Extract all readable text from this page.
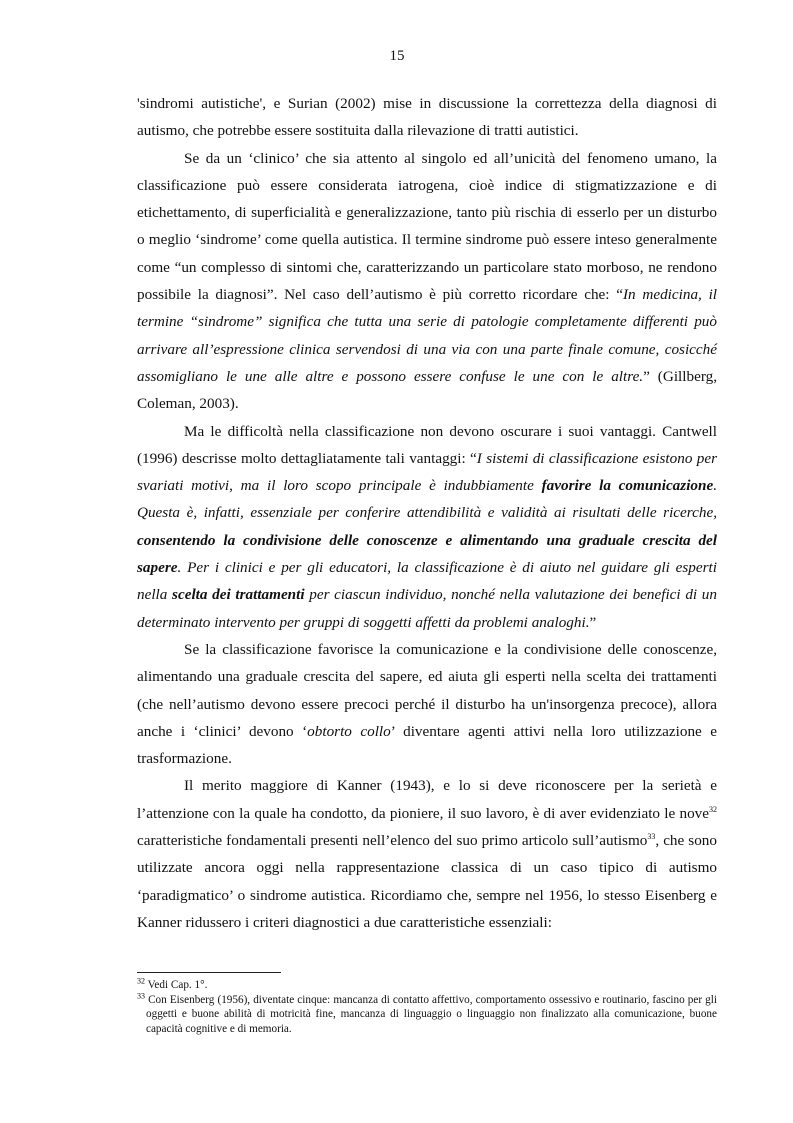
15

'sindromi autistiche', e Surian (2002) mise in discussione la correttezza della diagnosi di autismo, che potrebbe essere sostituita dalla rilevazione di tratti autistici.

Se da un ‘clinico’ che sia attento al singolo ed all’unicità del fenomeno umano, la classificazione può essere considerata iatrogena, cioè indice di stigmatizzazione e di etichettamento, di superficialità e generalizzazione, tanto più rischia di esserlo per un disturbo o meglio ‘sindrome’ come quella autistica. Il termine sindrome può essere inteso generalmente come “un complesso di sintomi che, caratterizzando un particolare stato morboso, ne rendono possibile la diagnosi”. Nel caso dell’autismo è più corretto ricordare che: “In medicina, il termine “sindrome” significa che tutta una serie di patologie completamente differenti può arrivare all’espressione clinica servendosi di una via con una parte finale comune, cosicché assomigliano le une alle altre e possono essere confuse le une con le altre.” (Gillberg, Coleman, 2003).

Ma le difficoltà nella classificazione non devono oscurare i suoi vantaggi. Cantwell (1996) descrisse molto dettagliatamente tali vantaggi: “I sistemi di classificazione esistono per svariati motivi, ma il loro scopo principale è indubbiamente favorire la comunicazione. Questa è, infatti, essenziale per conferire attendibilità e validità ai risultati delle ricerche, consentendo la condivisione delle conoscenze e alimentando una graduale crescita del sapere. Per i clinici e per gli educatori, la classificazione è di aiuto nel guidare gli esperti nella scelta dei trattamenti per ciascun individuo, nonché nella valutazione dei benefici di un determinato intervento per gruppi di soggetti affetti da problemi analoghi.”

Se la classificazione favorisce la comunicazione e la condivisione delle conoscenze, alimentando una graduale crescita del sapere, ed aiuta gli esperti nella scelta dei trattamenti (che nell’autismo devono essere precoci perché il disturbo ha un'insorgenza precoce), allora anche i ‘clinici’ devono ‘obtorto collo’ diventare agenti attivi nella loro utilizzazione e trasformazione.

Il merito maggiore di Kanner (1943), e lo si deve riconoscere per la serietà e l’attenzione con la quale ha condotto, da pioniere, il suo lavoro, è di aver evidenziato le nove$^{32}$ caratteristiche fondamentali presenti nell’elenco del suo primo articolo sull’autismo$^{33}$, che sono utilizzate ancora oggi nella rappresentazione classica di un caso tipico di autismo ‘paradigmatico’ o sindrome autistica. Ricordiamo che, sempre nel 1956, lo stesso Eisenberg e Kanner ridussero i criteri diagnostici a due caratteristiche essenziali:

$^{32}$ Vedi Cap. 1°.

$^{33}$ Con Eisenberg (1956), diventate cinque: mancanza di contatto affettivo, comportamento ossessivo e routinario, fascino per gli oggetti e buone abilità di motricità fine, mancanza di linguaggio o linguaggio non finalizzato alla comunicazione, buone capacità cognitive e di memoria.
